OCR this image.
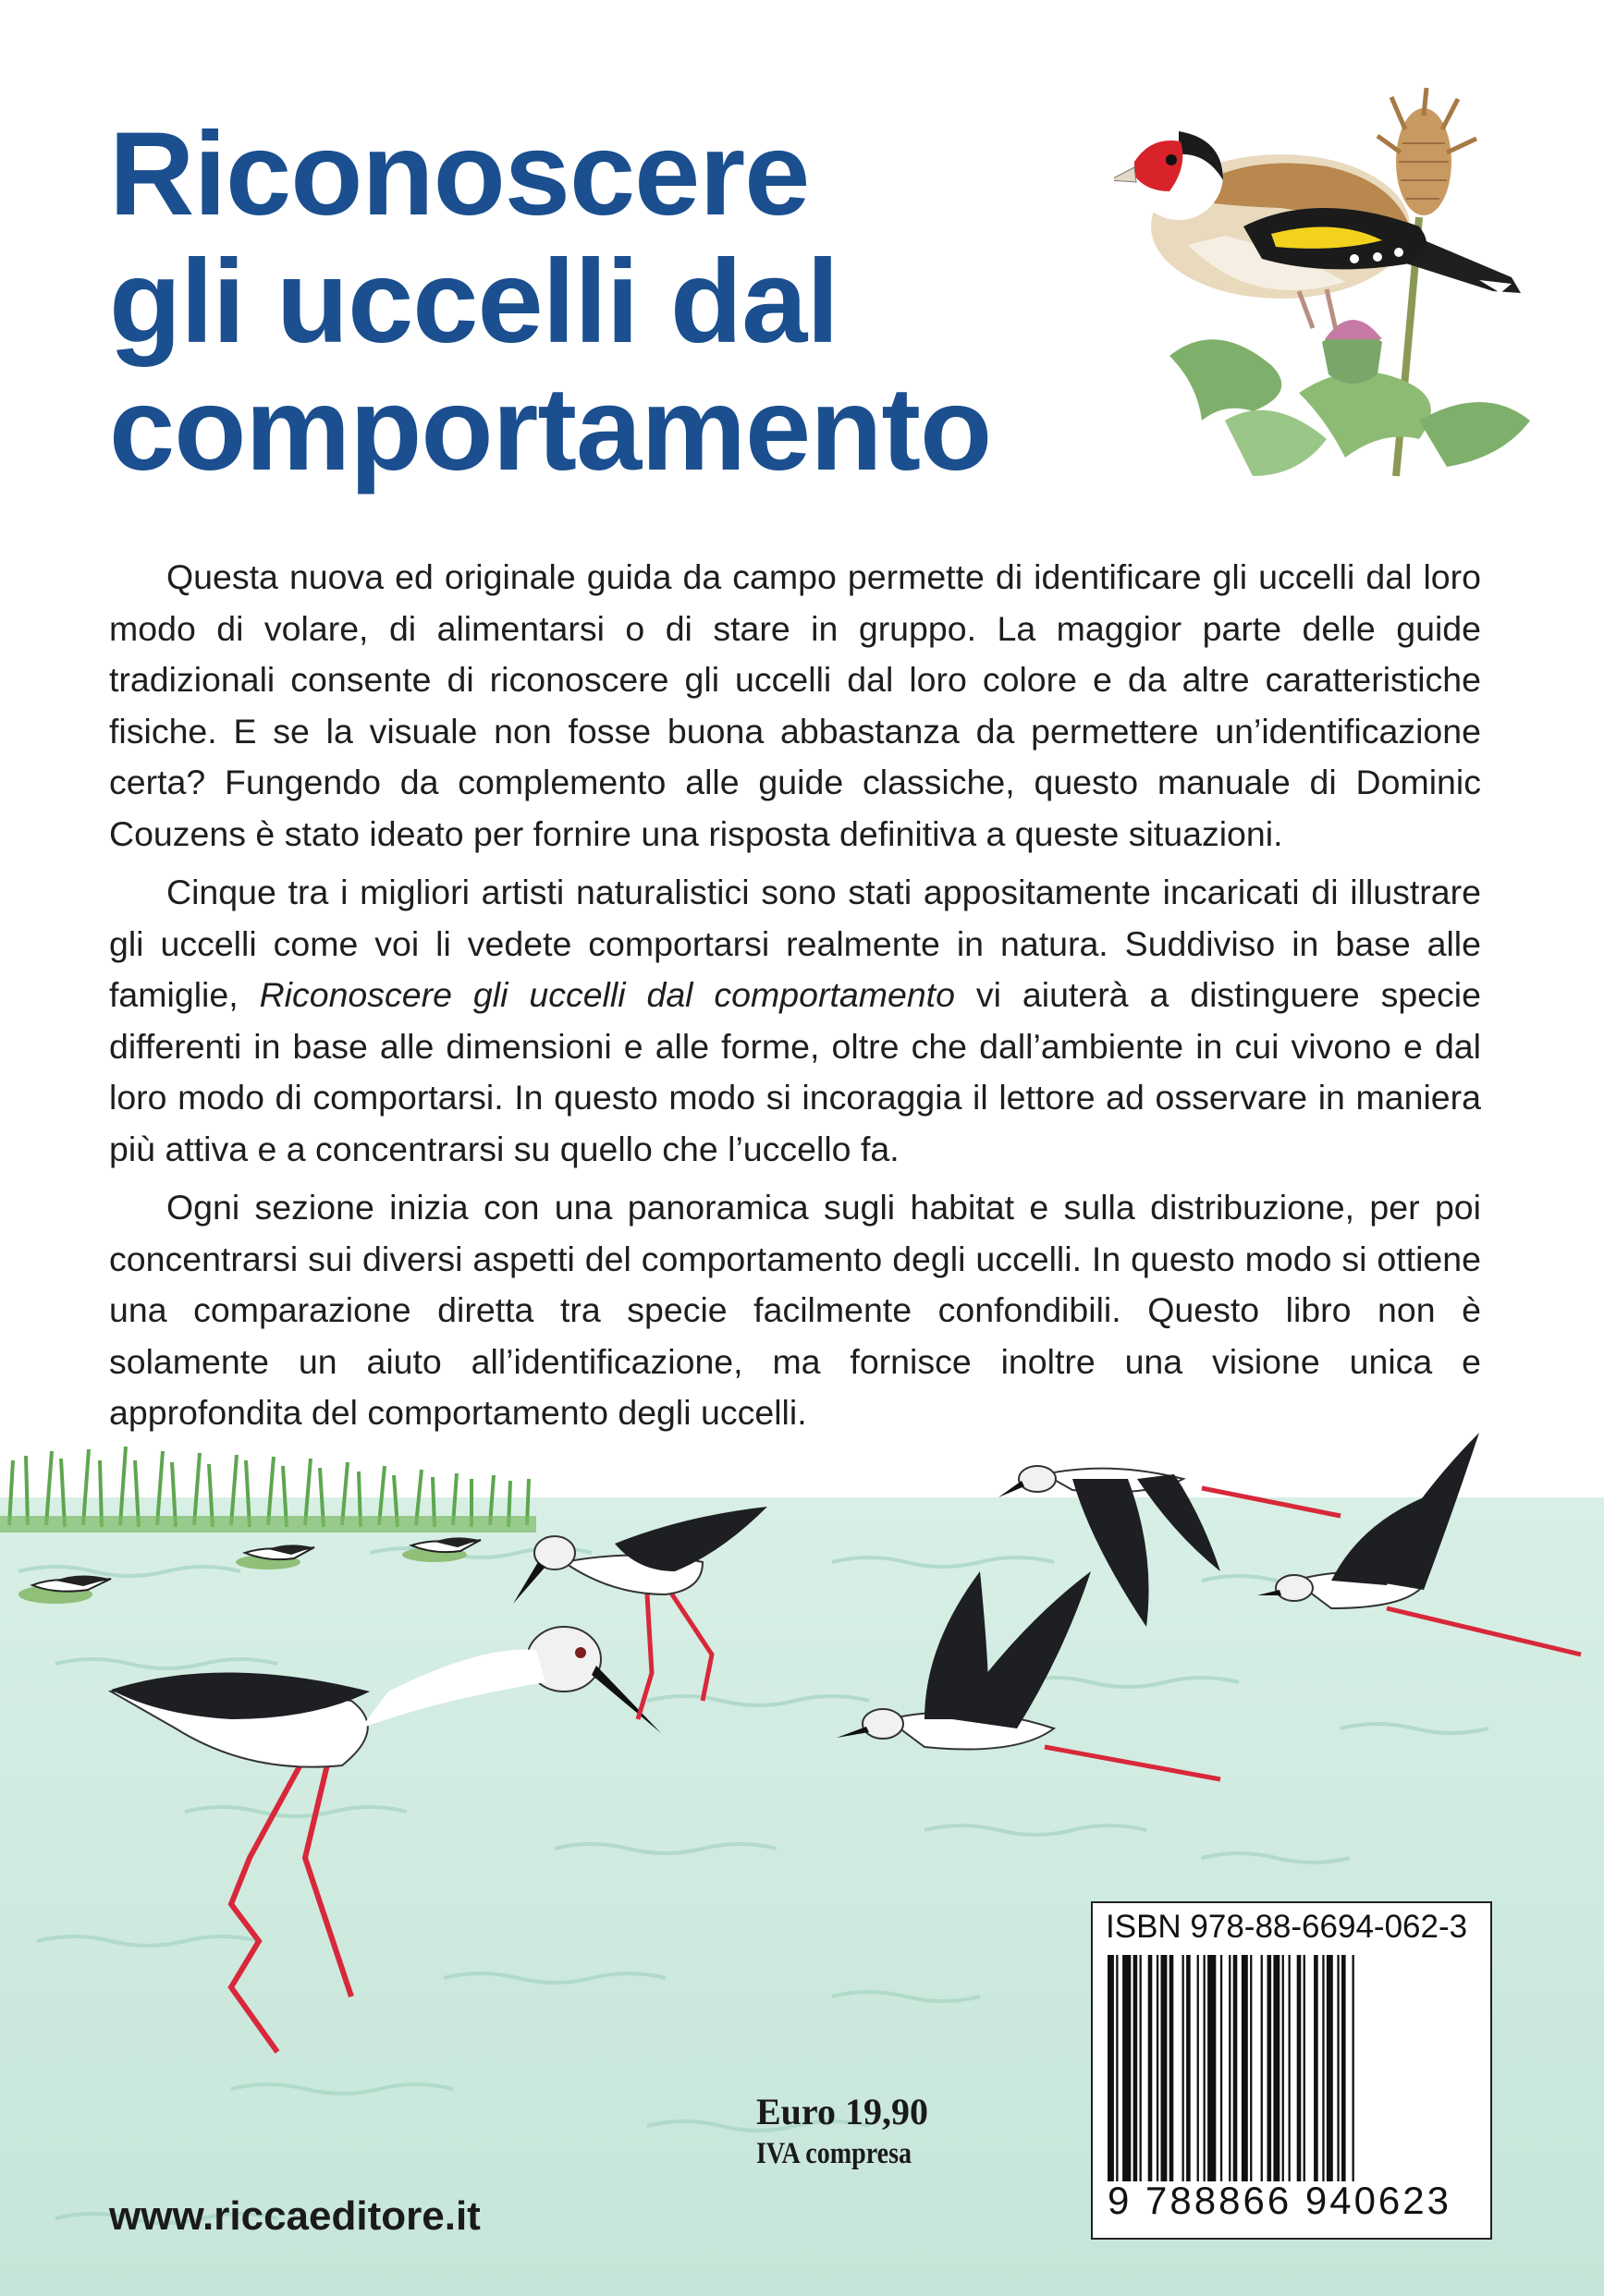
Riconoscere
gli uccelli dal
comportamento

Questa nuova ed originale guida da campo permette di identificare gli uccelli dal loro modo di volare, di alimentarsi o di stare in gruppo. La maggior parte delle guide tradizionali consente di riconoscere gli uccelli dal loro colore e da altre caratteristiche fisiche. E se la visuale non fosse buona abbastanza da permettere un’identificazione certa? Fungendo da complemento alle guide classiche, questo manuale di Dominic Couzens è stato ideato per fornire una risposta definitiva a queste situazioni.

Cinque tra i migliori artisti naturalistici sono stati appositamente incaricati di illustrare gli uccelli come voi li vedete comportarsi realmente in natura. Suddiviso in base alle famiglie, Riconoscere gli uccelli dal comportamento vi aiuterà a distinguere specie differenti in base alle dimensioni e alle forme, oltre che dall’ambiente in cui vivono e dal loro modo di comportarsi. In questo modo si incoraggia il lettore ad osservare in maniera più attiva e a concentrarsi su quello che l’uccello fa.

Ogni sezione inizia con una panoramica sugli habitat e sulla distribuzione, per poi concentrarsi sui diversi aspetti del comportamento degli uccelli. In questo modo si ottiene una comparazione diretta tra specie facilmente confondibili. Questo libro non è solamente un aiuto all’identificazione, ma fornisce inoltre una visione unica e approfondita del comportamento degli uccelli.

www.riccaeditore.it

Euro 19,90
IVA compresa
ISBN 978-88-6694-062-3
9 788866 940623
